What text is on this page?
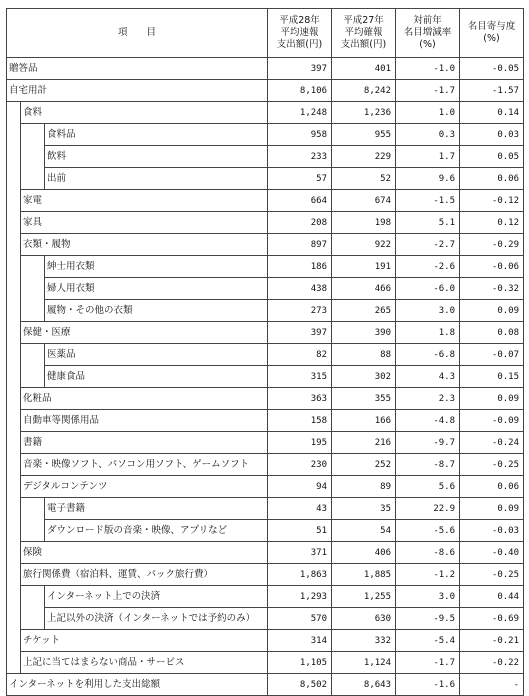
項　　目			平成28年
平均速報
支出額(円)	平成27年
平均確報
支出額(円)	対前年
名目増減率
(%)	名目寄与度
(%)
贈答品			397	401	-1.0	-0.05
自宅用計			8,106	8,242	-1.7	-1.57
	食料		1,248	1,236	1.0	0.14
		食料品	958	955	0.3	0.03
		飲料	233	229	1.7	0.05
		出前	57	52	9.6	0.06
	家電		664	674	-1.5	-0.12
	家具		208	198	5.1	0.12
	衣類・履物		897	922	-2.7	-0.29
		紳士用衣類	186	191	-2.6	-0.06
		婦人用衣類	438	466	-6.0	-0.32
		履物・その他の衣類	273	265	3.0	0.09
	保健・医療		397	390	1.8	0.08
		医薬品	82	88	-6.8	-0.07
		健康食品	315	302	4.3	0.15
	化粧品		363	355	2.3	0.09
	自動車等関係用品		158	166	-4.8	-0.09
	書籍		195	216	-9.7	-0.24
	音楽・映像ソフト、パソコン用ソフト、ゲームソフト		230	252	-8.7	-0.25
	デジタルコンテンツ		94	89	5.6	0.06
		電子書籍	43	35	22.9	0.09
		ダウンロード版の音楽・映像、アプリなど	51	54	-5.6	-0.03
	保険		371	406	-8.6	-0.40
	旅行関係費（宿泊料、運賃、パック旅行費）		1,863	1,885	-1.2	-0.25
		インターネット上での決済	1,293	1,255	3.0	0.44
		上記以外の決済（インターネットでは予約のみ）	570	630	-9.5	-0.69
	チケット		314	332	-5.4	-0.21
	上記に当てはまらない商品・サービス		1,105	1,124	-1.7	-0.22
インターネットを利用した支出総額			8,502	8,643	-1.6	-
